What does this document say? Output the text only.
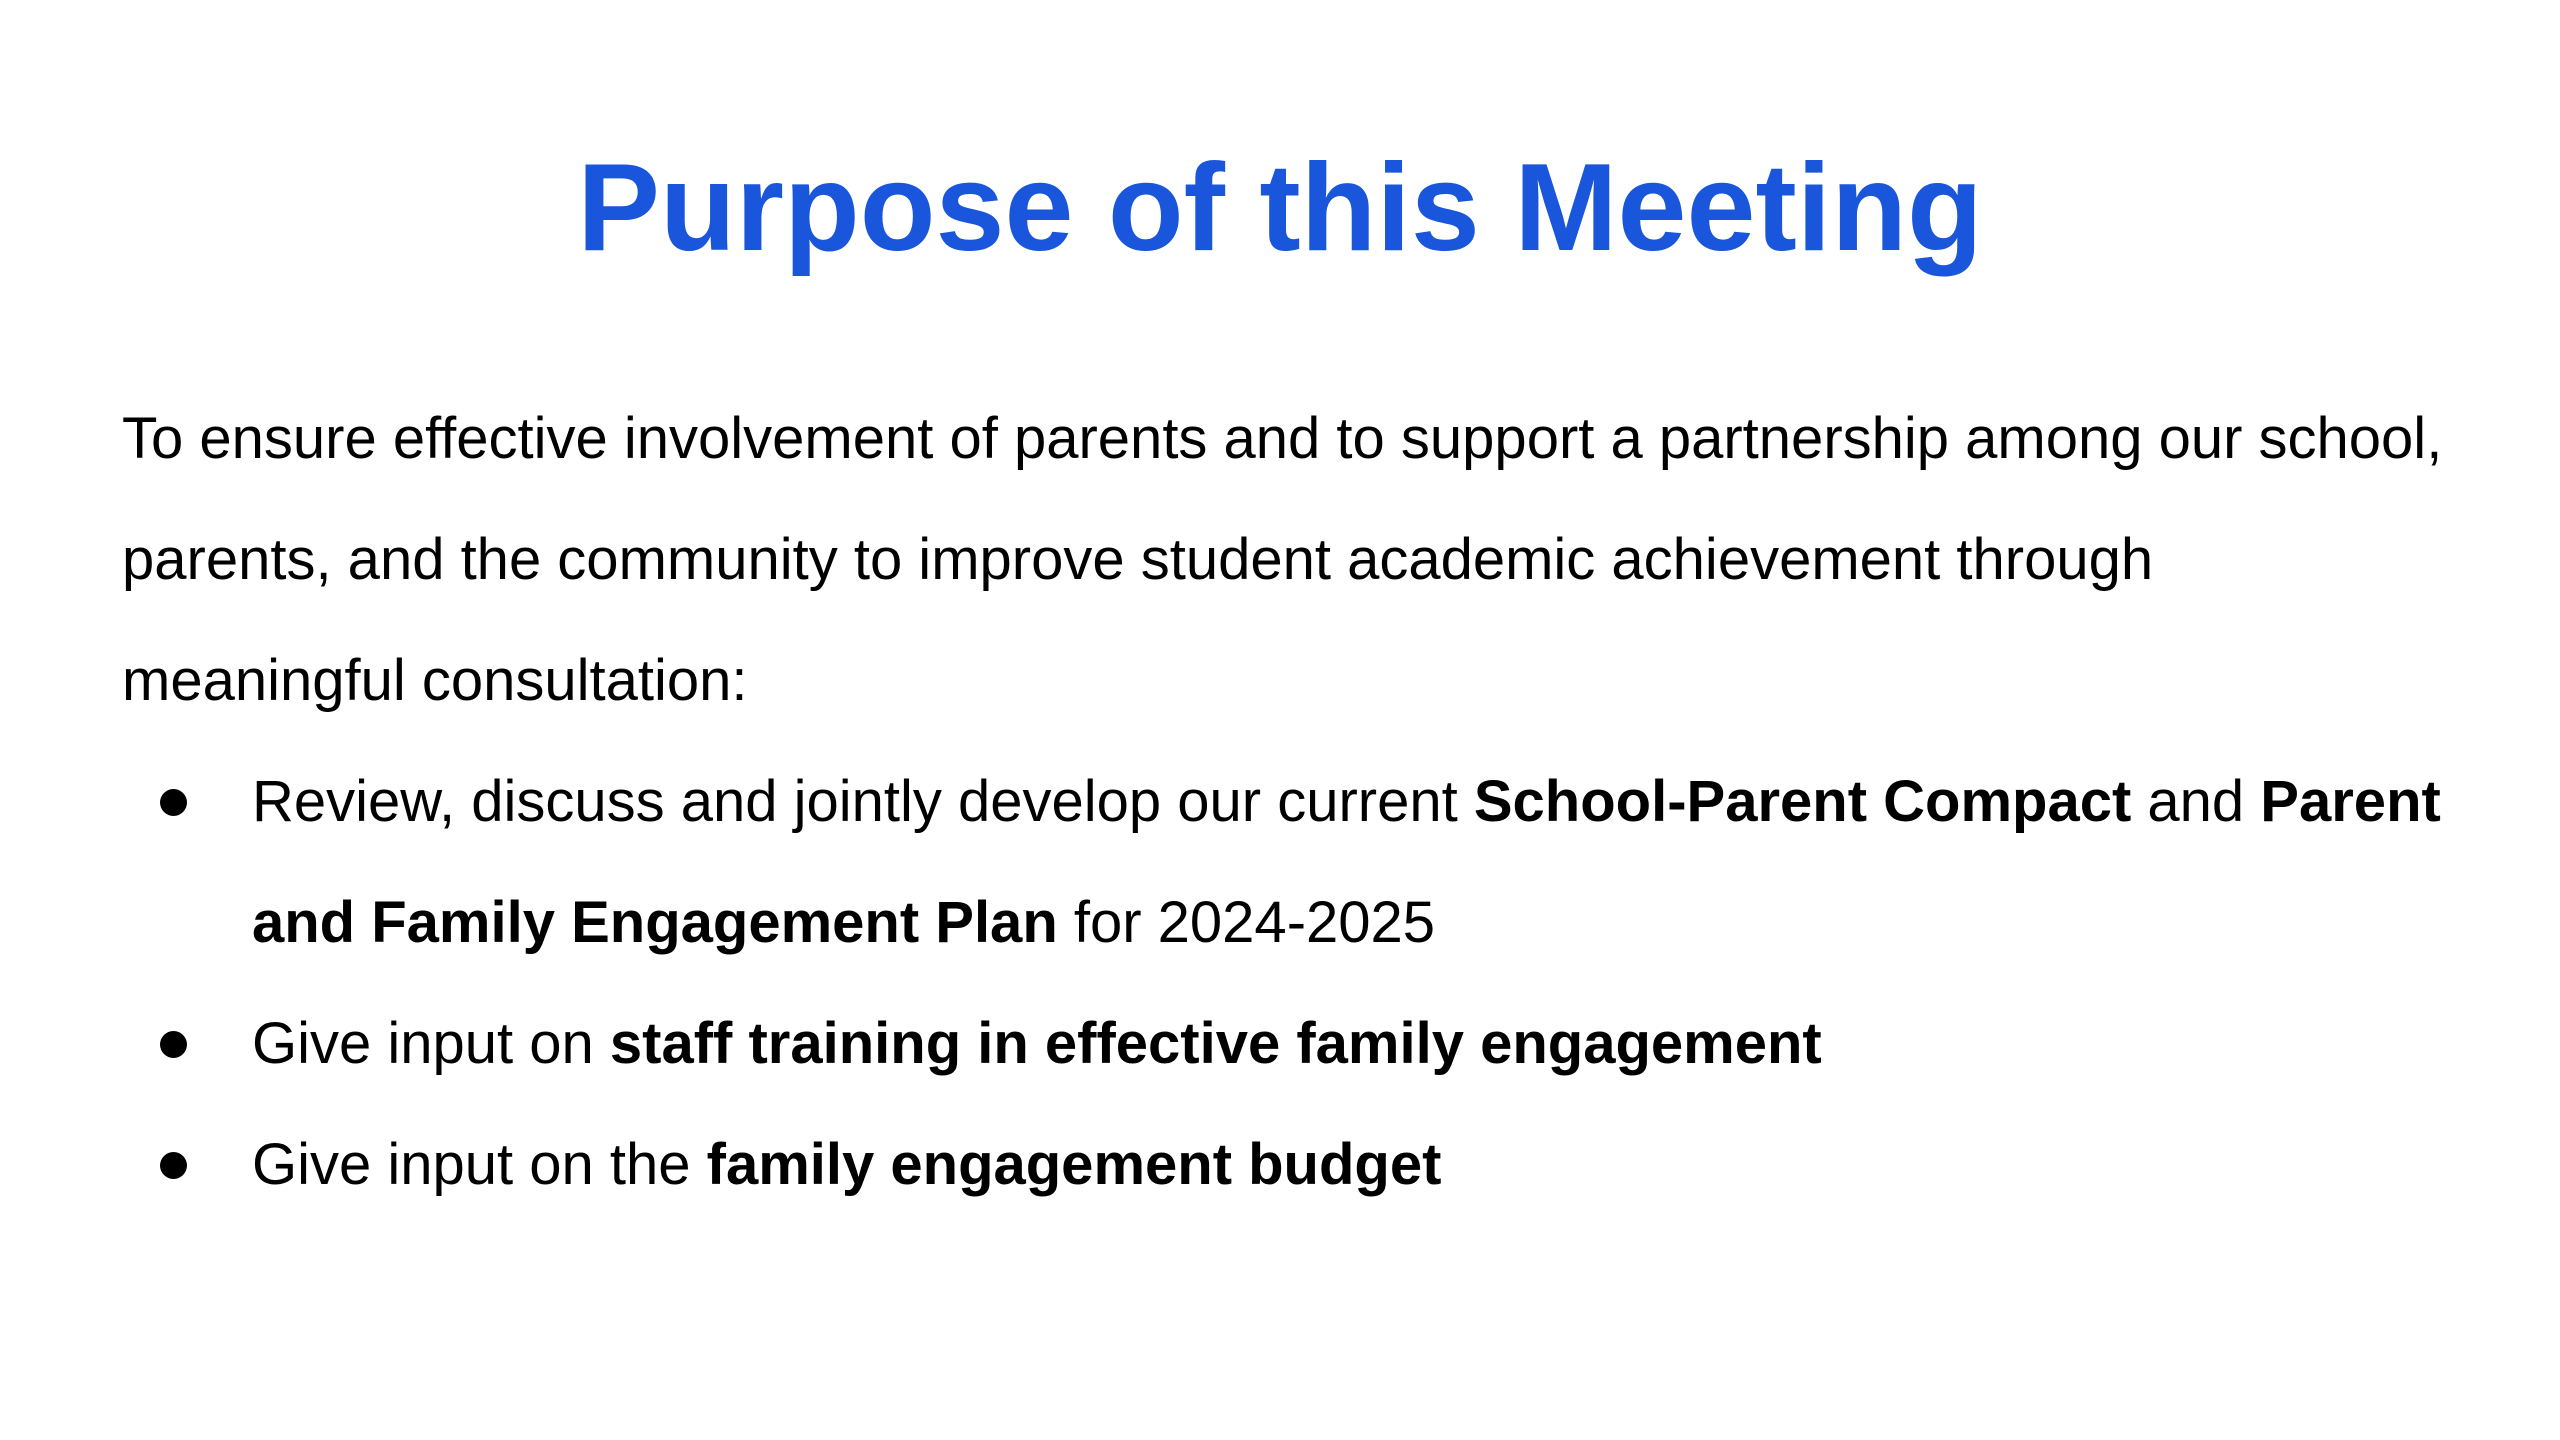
Purpose of this Meeting

To ensure effective involvement of parents and to support a partnership among our school, parents, and the community to improve student academic achievement through meaningful consultation:

Review, discuss and jointly develop our current School-Parent Compact and Parent and Family Engagement Plan for 2024-2025
Give input on staff training in effective family engagement
Give input on the family engagement budget
